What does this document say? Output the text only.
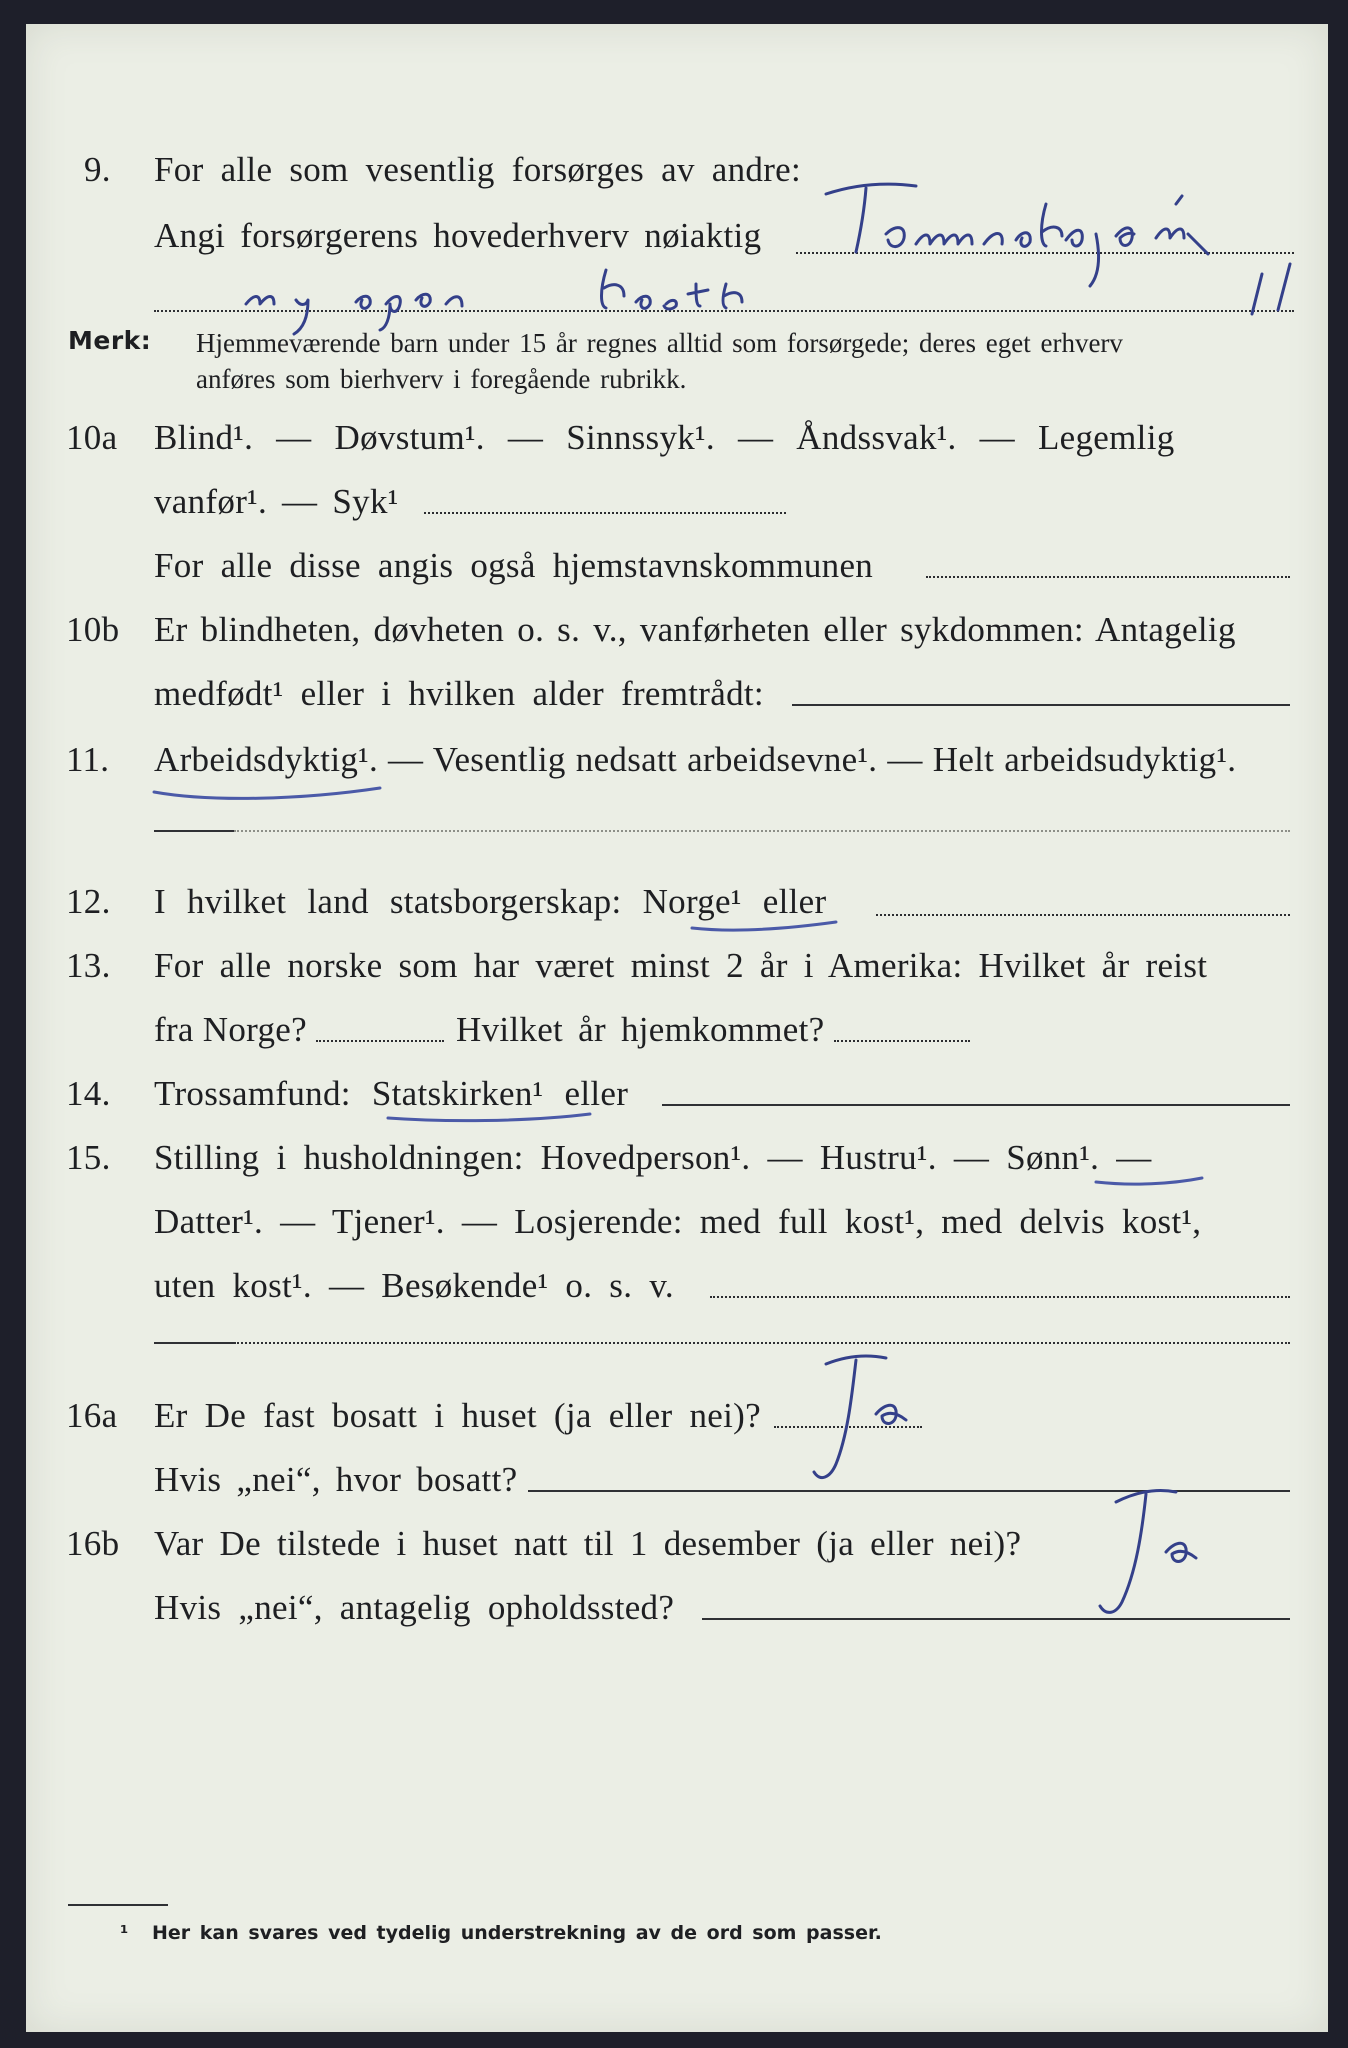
9. For alle som vesentlig forsørges av andre:
Angi forsørgerens hovederhverv nøiaktig
Merk: Hjemmeværende barn under 15 år regnes alltid som forsørgede; deres eget erhverv
anføres som bierhverv i foregående rubrikk.
10a Blind¹. — Døvstum¹. — Sinnssyk¹. — Åndssvak¹. — Legemlig
vanfør¹. — Syk¹
For alle disse angis også hjemstavnskommunen
10b Er blindheten, døvheten o. s. v., vanførheten eller sykdommen: Antagelig
medfødt¹ eller i hvilken alder fremtrådt:
11. Arbeidsdyktig¹. — Vesentlig nedsatt arbeidsevne¹. — Helt arbeidsudyktig¹.
12. I hvilket land statsborgerskap: Norge¹ eller
13. For alle norske som har været minst 2 år i Amerika: Hvilket år reist
fra Norge?	Hvilket år hjemkommet?
14. Trossamfund: Statskirken¹ eller
15. Stilling i husholdningen: Hovedperson¹. — Hustru¹. — Sønn¹. —
Datter¹. — Tjener¹. — Losjerende: med full kost¹, med delvis kost¹,
uten kost¹. — Besøkende¹ o. s. v.
16a Er De fast bosatt i huset (ja eller nei)?
Hvis „nei“, hvor bosatt?
16b Var De tilstede i huset natt til 1 desember (ja eller nei)?
Hvis „nei“, antagelig opholdssted?
¹ Her kan svares ved tydelig understrekning av de ord som passer.
